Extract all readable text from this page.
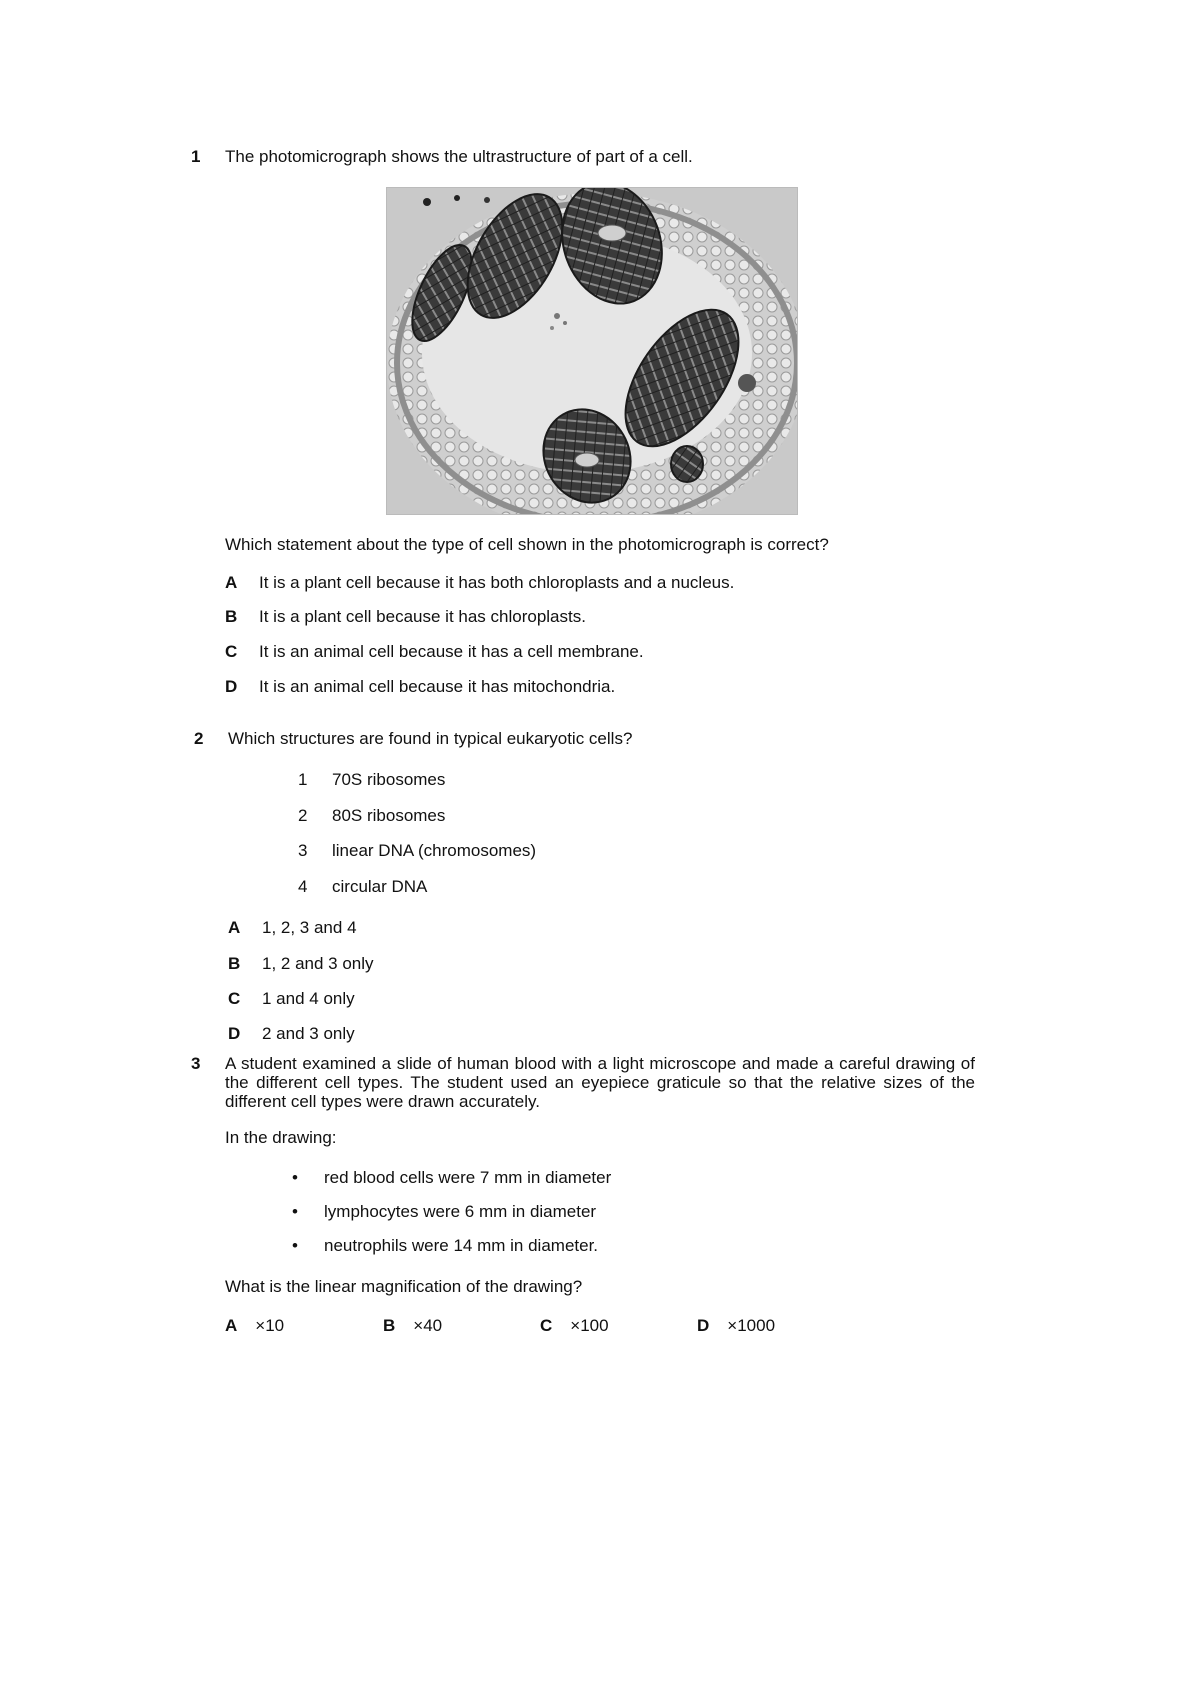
1 The photomicrograph shows the ultrastructure of part of a cell.
Which statement about the type of cell shown in the photomicrograph is correct?
A It is a plant cell because it has both chloroplasts and a nucleus.
B It is a plant cell because it has chloroplasts.
C It is an animal cell because it has a cell membrane.
D It is an animal cell because it has mitochondria.
2 Which structures are found in typical eukaryotic cells?
1 70S ribosomes
2 80S ribosomes
3 linear DNA (chromosomes)
4 circular DNA
A 1, 2, 3 and 4
B 1, 2 and 3 only
C 1 and 4 only
D 2 and 3 only
3 A student examined a slide of human blood with a light microscope and made a careful drawing of the different cell types. The student used an eyepiece graticule so that the relative sizes of the different cell types were drawn accurately.
In the drawing:
• red blood cells were 7 mm in diameter
• lymphocytes were 6 mm in diameter
• neutrophils were 14 mm in diameter.
What is the linear magnification of the drawing?
A ×10	B ×40	C ×100	D ×1000
